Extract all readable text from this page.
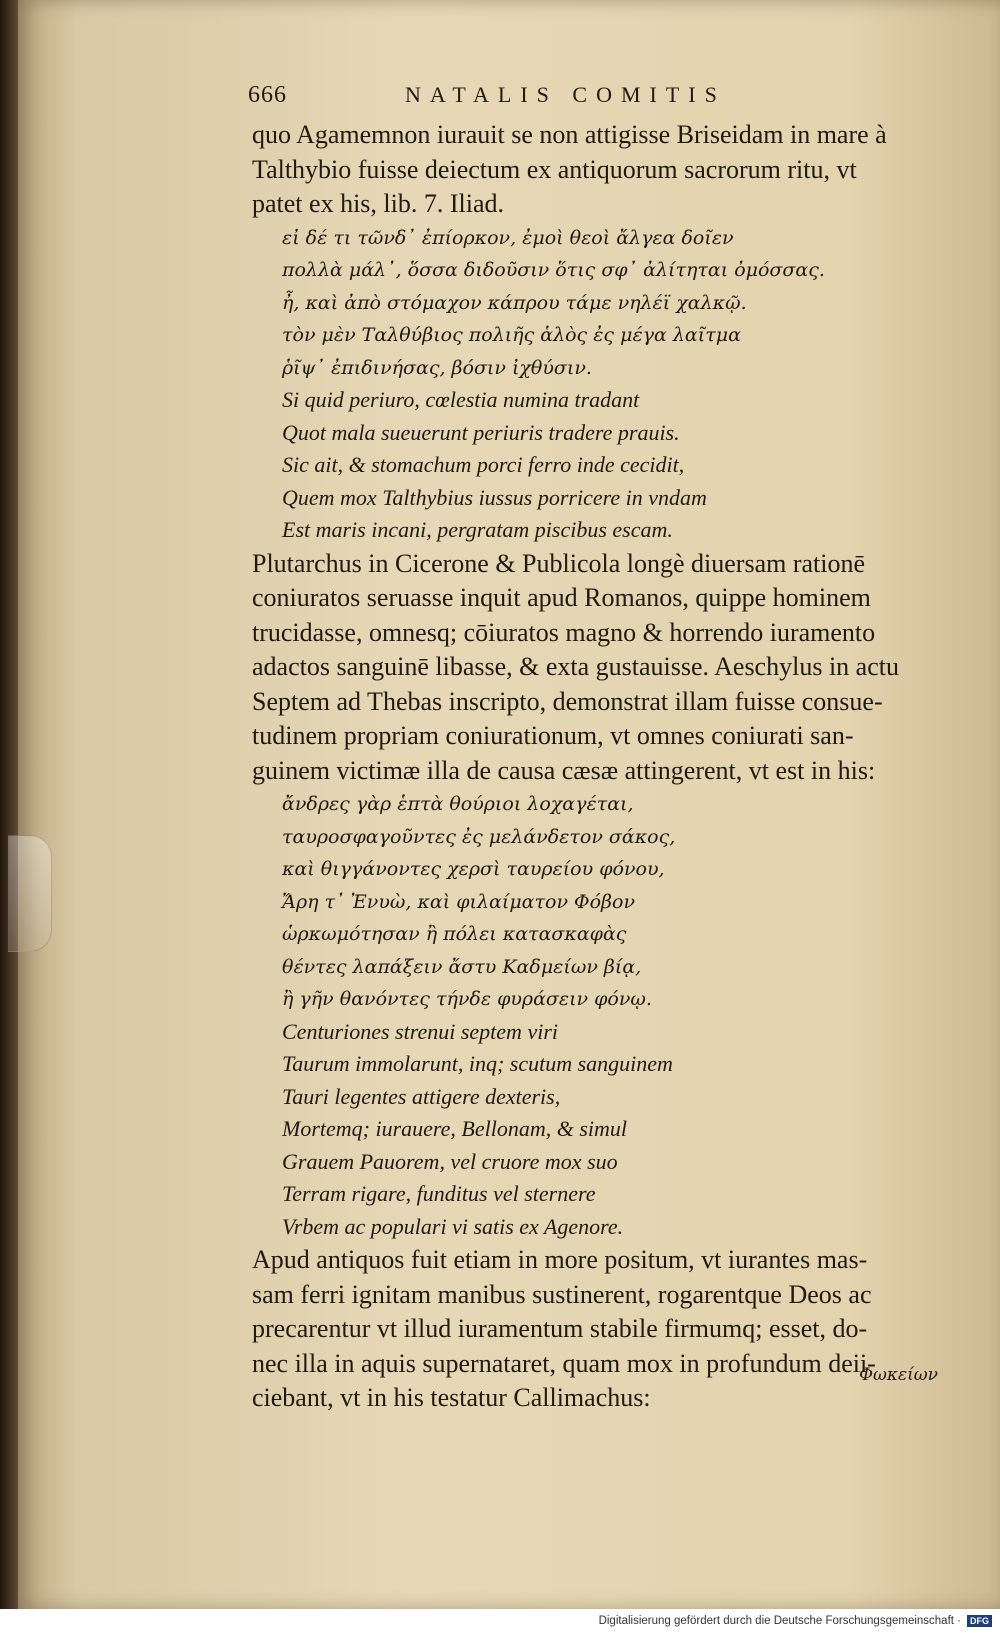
666	NATALIS COMITIS

quo Agamemnon iurauit se non attigisse Briseidam in mare à
Talthybio fuisse deiectum ex antiquorum sacrorum ritu, vt
patet ex his, lib. 7. Iliad.

εἰ δέ τι τῶνδ᾽ ἐπίορκον, ἐμοὶ θεοὶ ἄλγεα δοῖεν
πολλὰ μάλ᾽, ὅσσα διδοῦσιν ὅτις σφ᾽ ἀλίτηται ὀμόσσας.
ἦ, καὶ ἀπὸ στόμαχον κάπρου τάμε νηλέϊ χαλκῷ.
τὸν μὲν Ταλθύβιος πολιῆς ἁλὸς ἐς μέγα λαῖτμα
ῥῖψ᾽ ἐπιδινήσας, βόσιν ἰχθύσιν.
Si quid periuro, cœlestia numina tradant
Quot mala sueuerunt periuris tradere prauis.
Sic ait, & stomachum porci ferro inde cecidit,
Quem mox Talthybius iussus porricere in vndam
Est maris incani, pergratam piscibus escam.

Plutarchus in Cicerone & Publicola longè diuersam rationē
coniuratos seruasse inquit apud Romanos, quippe hominem
trucidasse, omnesq; cōiuratos magno & horrendo iuramento
adactos sanguinē libasse, & exta gustauisse. Aeschylus in actu
Septem ad Thebas inscripto, demonstrat illam fuisse consue-
tudinem propriam coniurationum, vt omnes coniurati san-
guinem victimæ illa de causa cæsæ attingerent, vt est in his:

ἄνδρες γὰρ ἑπτὰ θούριοι λοχαγέται,
ταυροσφαγοῦντες ἐς μελάνδετον σάκος,
καὶ θιγγάνοντες χερσὶ ταυρείου φόνου,
Ἄρη τ᾽ Ἐνυὼ, καὶ φιλαίματον Φόβον
ὡρκωμότησαν ἢ πόλει κατασκαφὰς
θέντες λαπάξειν ἄστυ Καδμείων βίᾳ,
ἢ γῆν θανόντες τήνδε φυράσειν φόνῳ.
Centuriones strenui septem viri
Taurum immolarunt, inq; scutum sanguinem
Tauri legentes attigere dexteris,
Mortemq; iurauere, Bellonam, & simul
Grauem Pauorem, vel cruore mox suo
Terram rigare, funditus vel sternere
Vrbem ac populari vi satis ex Agenore.

Apud antiquos fuit etiam in more positum, vt iurantes mas-
sam ferri ignitam manibus sustinerent, rogarentque Deos ac
precarentur vt illud iuramentum stabile firmumq; esset, do-
nec illa in aquis supernataret, quam mox in profundum deii-
ciebant, vt in his testatur Callimachus:

Φωκείων
Digitalisierung gefördert durch die Deutsche Forschungsgemeinschaft ·	DFG
